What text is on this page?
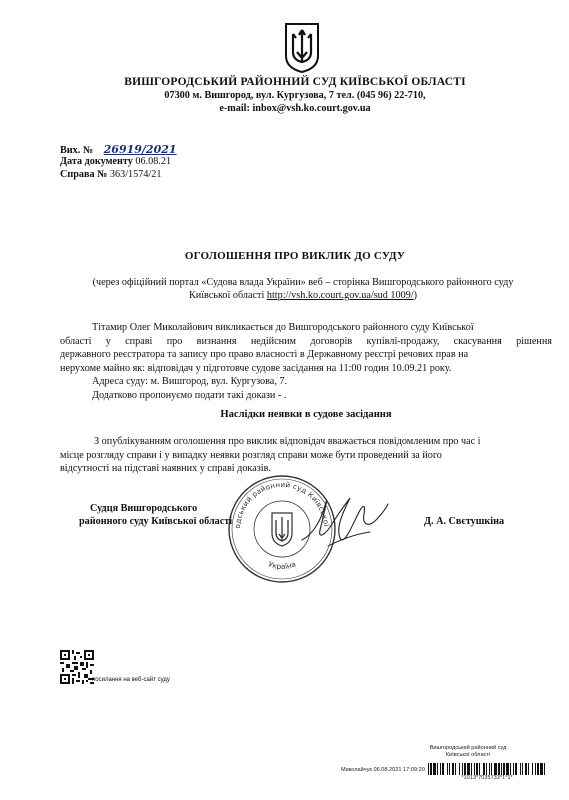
ВИШГОРОДСЬКИЙ РАЙОННИЙ СУД КИЇВСЬКОЇ ОБЛАСТІ
07300 м. Вишгород, вул. Кургузова, 7 тел. (045 96) 22-710,
e-mail: inbox@vsh.ko.court.gov.ua
Вих. № 26919/2021
Дата документу 06.08.21
Справа № 363/1574/21
ОГОЛОШЕННЯ ПРО ВИКЛИК ДО СУДУ
(через офіційний портал «Судова влада України» веб – сторінка Вишгородського районного суду
Київської області http://vsh.ko.court.gov.ua/sud 1009/)
Тітамир Олег Миколайович викликається до Вишгородського районного суду Київської
області у справі про визнання недійсним договорів купівлі-продажу, скасування рішення
державного реєстратора та запису про право власності в Державному реєстрі речових прав на
нерухоме майно як: відповідач у підготовче судове засідання на 11:00 годин 10.09.21 року.
Адреса суду: м. Вишгород, вул. Кургузова, 7.
Додатково пропонуємо подати такі докази - .
Наслідки неявки в судове засідання
З опублікуванням оголошення про виклик відповідач вважається повідомленим про час і
місце розгляду справи і у випадку неявки розгляд справи може бути проведений за його
відсутності на підставі наявних у справі доказів.
одський районний суд Київської
Україна
Судця Вишгородського
районного суду Київської області	Д. А. Свєтушкіна
посилання на веб-сайт суду
Вишгородський районний суд
Київської області
Миколайчук 06.08.2021 17:09:20
*1013*7035733*1*1*
